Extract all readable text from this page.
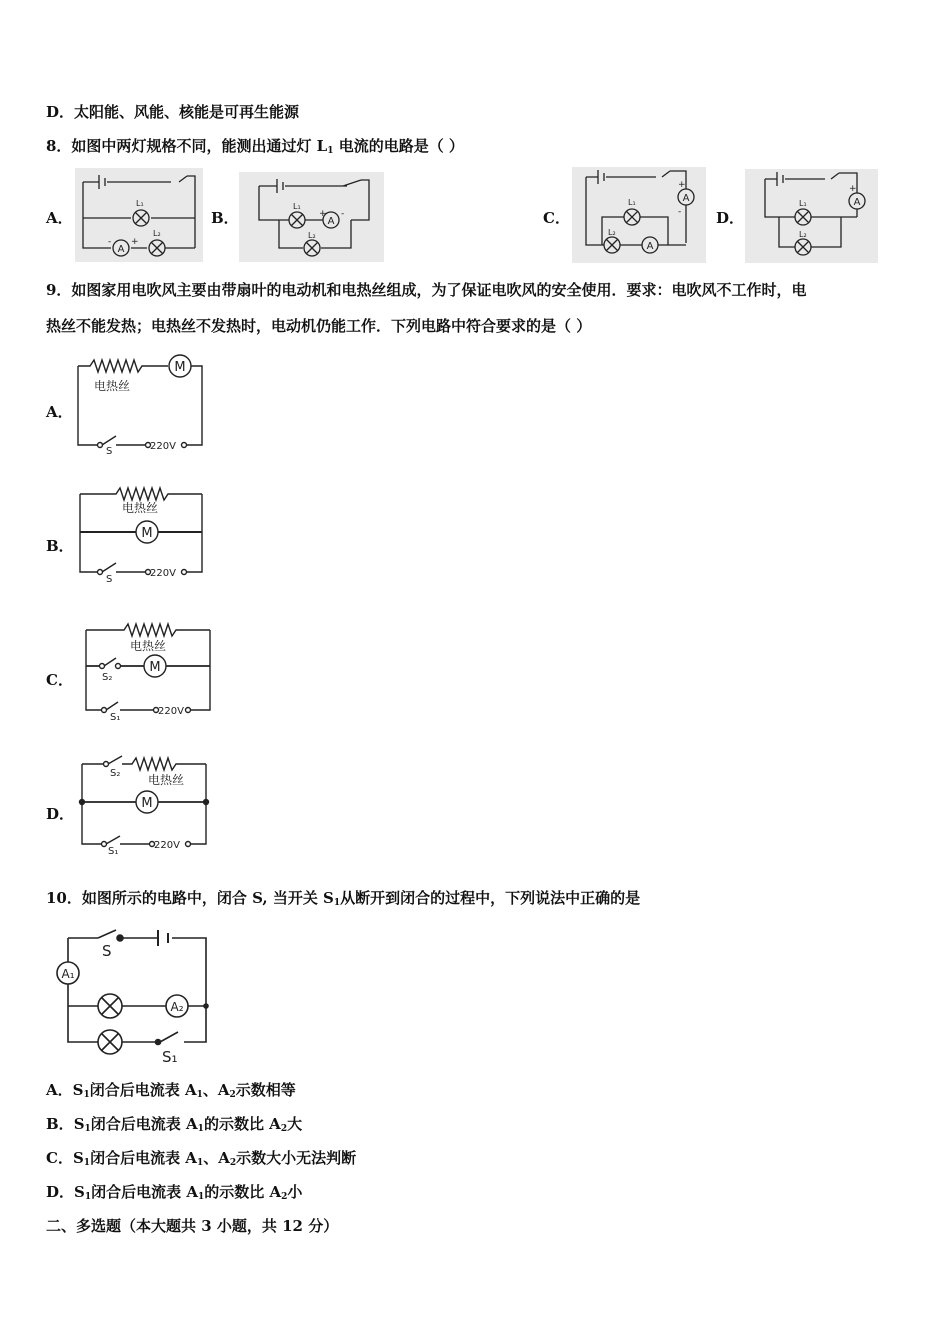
D．太阳能、风能、核能是可再生能源
8．如图中两灯规格不同，能测出通过灯 $L_1$ 电流的电路是（ ）
A．
A
L₁
L₂
+
-
B．	A
L₁
L₂
+ -	C．
A
A
L₁
L₂
+
- D．
A
L₁
L₂
+
9．如图家用电吹风主要由带扇叶的电动机和电热丝组成，为了保证电吹风的安全使用．要求：电吹风不工作时，电
热丝不能发热；电热丝不发热时，电动机仍能工作．下列电路中符合要求的是（ ）
A．
M
电热丝
S	220V
B．
M
电热丝
S
220V
C．
M
电热丝
S₂
S₁
220V
D．
M
电热丝
S₂
S₁
220V
10．如图所示的电路中，闭合 S, 当开关 $S_1$从断开到闭合的过程中，下列说法中正确的是
A₁
A₂
S
S₁
A．$S_1$闭合后电流表 $A_1$、$A_2$示数相等
B．$S_1$闭合后电流表 $A_1$的示数比 $A_2$大
C．$S_1$闭合后电流表 $A_1$、$A_2$示数大小无法判断
D．$S_1$闭合后电流表 $A_1$的示数比 $A_2$小
二、多选题（本大题共 3 小题，共 12 分）
